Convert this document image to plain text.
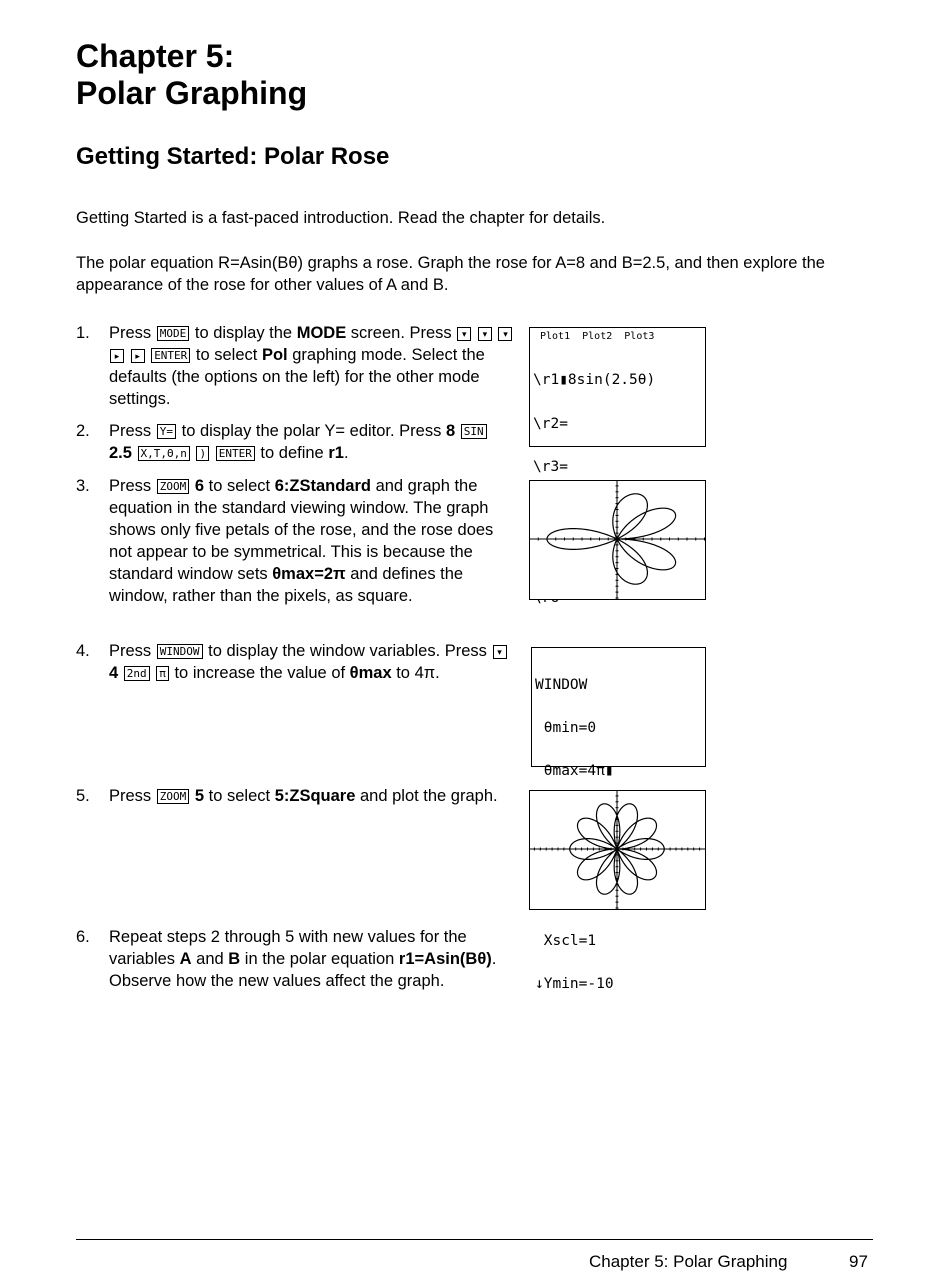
Chapter 5:
Polar Graphing
Getting Started: Polar Rose

Getting Started is a fast-paced introduction. Read the chapter for details.

The polar equation R=Asin(Bθ) graphs a rose. Graph the rose for A=8 and B=2.5, and then explore the appearance of the rose for other values of A and B.

1. Press MODE to display the MODE screen. Press ▾ ▾ ▾ ▸ ▸ ENTER to select Pol graphing mode. Select the defaults (the options on the left) for the other mode settings.
2. Press Y= to display the polar Y= editor. Press 8 SIN 2.5 X,T,Θ,n ) ENTER to define r1.
3. Press ZOOM 6 to select 6:ZStandard and graph the equation in the standard viewing window. The graph shows only five petals of the rose, and the rose does not appear to be symmetrical. This is because the standard window sets θmax=2π and defines the window, rather than the pixels, as square.
4. Press WINDOW to display the window variables. Press ▾ 4 2nd π to increase the value of θmax to 4π.
5. Press ZOOM 5 to select 5:ZSquare and plot the graph.
6. Repeat steps 2 through 5 with new values for the variables A and B in the polar equation r1=Asin(Bθ). Observe how the new values affect the graph.
Plot1  Plot2  Plot3

\r1▮8sin(2.5θ)

\r2=

\r3=

WINDOW

θmin=0

θmax=4π▮

Xscl=1

↓Ymin=-10

Chapter 5: Polar Graphing	97
